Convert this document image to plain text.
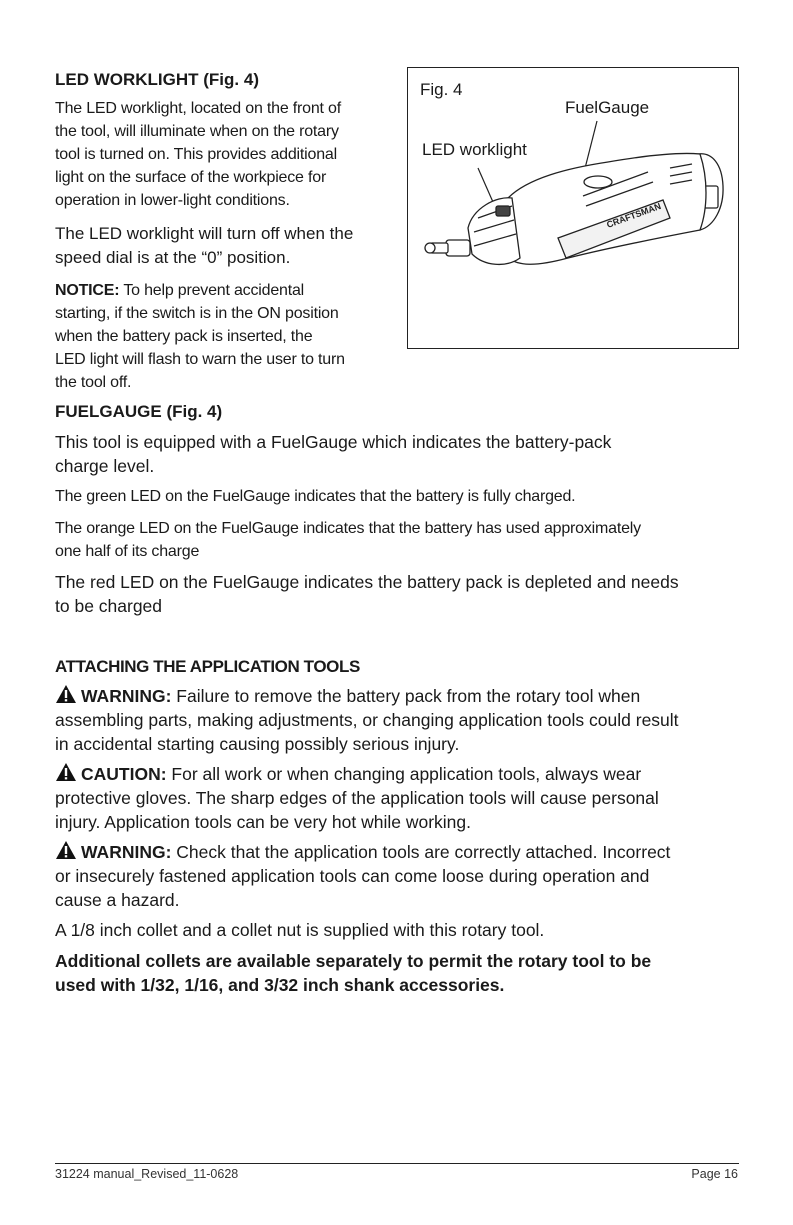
LED WORKLIGHT (Fig. 4)
The LED worklight, located on the front of
the tool, will illuminate when on the rotary
tool is turned on. This provides additional
light on the surface of the workpiece for
operation in lower-light conditions.
The LED worklight will turn off when the
speed dial is at the “0” position.
NOTICE: To help prevent accidental
starting, if the switch is in the ON position
when the battery pack is inserted, the
LED light will flash to warn the user to turn
the tool off.
Fig. 4
FuelGauge
LED worklight
CRAFTSMAN
FUELGAUGE (Fig. 4)
This tool is equipped with a FuelGauge which indicates the battery-pack
charge level.
The green LED on the FuelGauge indicates that the battery is fully charged.
The orange LED on the FuelGauge indicates that the battery has used approximately
one half of its charge
The red LED on the FuelGauge indicates the battery pack is depleted and needs
to be charged
ATTACHING THE APPLICATION TOOLS
WARNING: Failure to remove the battery pack from the rotary tool when
assembling parts, making adjustments, or changing application tools could result
in accidental starting causing possibly serious injury.
CAUTION: For all work or when changing application tools, always wear
protective gloves. The sharp edges of the application tools will cause personal
injury. Application tools can be very hot while working.
WARNING: Check that the application tools are correctly attached. Incorrect
or insecurely fastened application tools can come loose during operation and
cause a hazard.
A 1/8 inch collet and a collet nut is supplied with this rotary tool.
Additional collets are available separately to permit the rotary tool to be
used with 1/32, 1/16, and 3/32 inch shank accessories.
31224 manual_Revised_11-0628	Page 16
